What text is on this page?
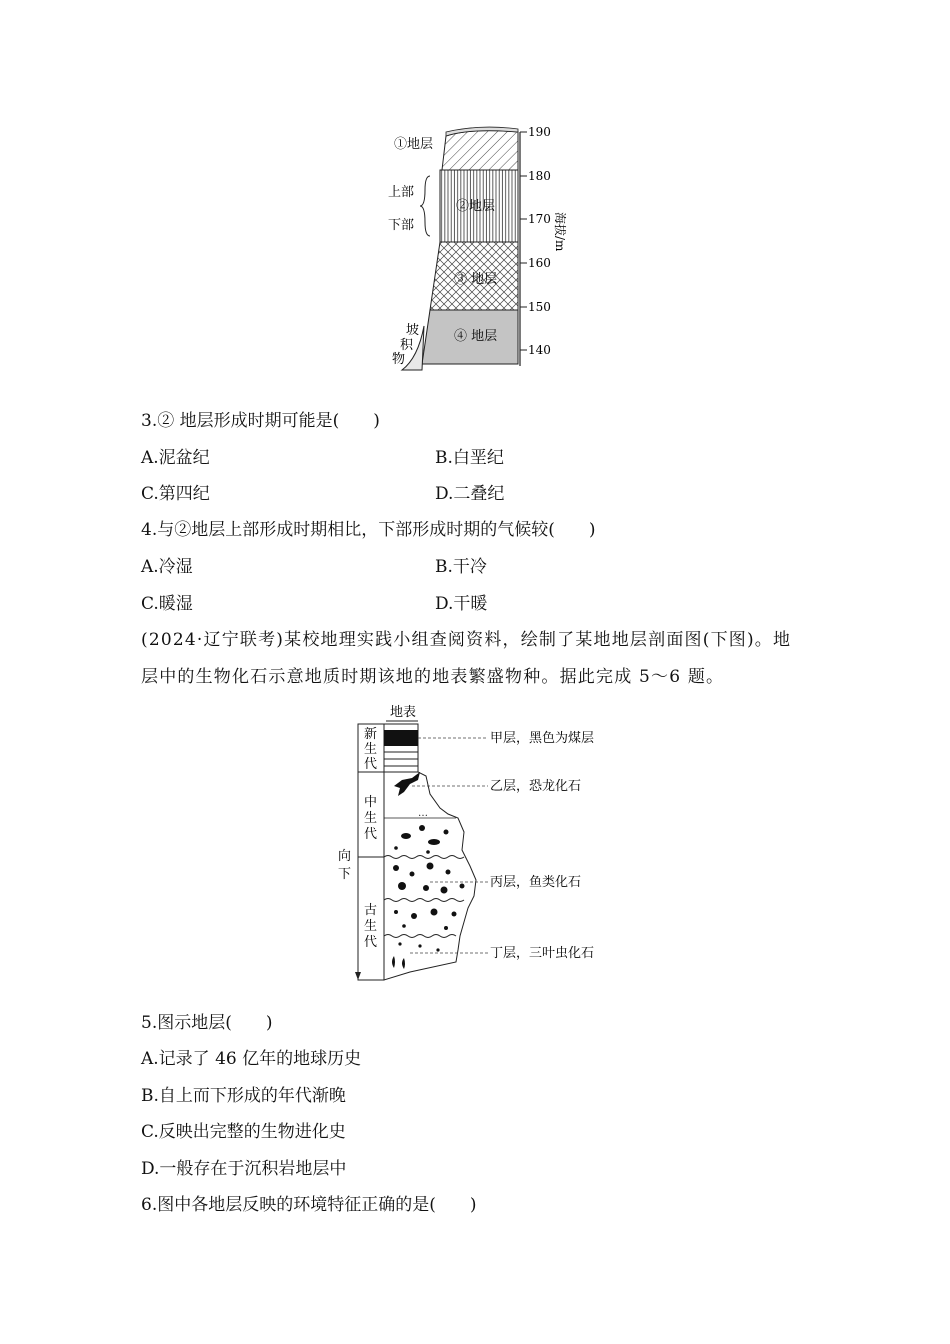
190
180
170
160
150
140
海拔/m
①地层
上部
下部
②地层
③ 地层
④ 地层
坡
积
物
3.② 地层形成时期可能是(　　)
A.泥盆纪	B.白垩纪
C.第四纪	D.二叠纪
4.与②地层上部形成时期相比，下部形成时期的气候较(　　)
A.冷湿	B.干冷
C.暖湿	D.干暖
(2024·辽宁联考)某校地理实践小组查阅资料，绘制了某地地层剖面图(下图)。地
层中的生物化石示意地质时期该地的地表繁盛物种。据此完成 5～6 题。
地表
向
下
新
生
代
中
生
代
古
生
代
…
甲层，黑色为煤层
乙层，恐龙化石
丙层，鱼类化石
丁层，三叶虫化石
5.图示地层(　　)
A.记录了 46 亿年的地球历史
B.自上而下形成的年代渐晚
C.反映出完整的生物进化史
D.一般存在于沉积岩地层中
6.图中各地层反映的环境特征正确的是(　　)
